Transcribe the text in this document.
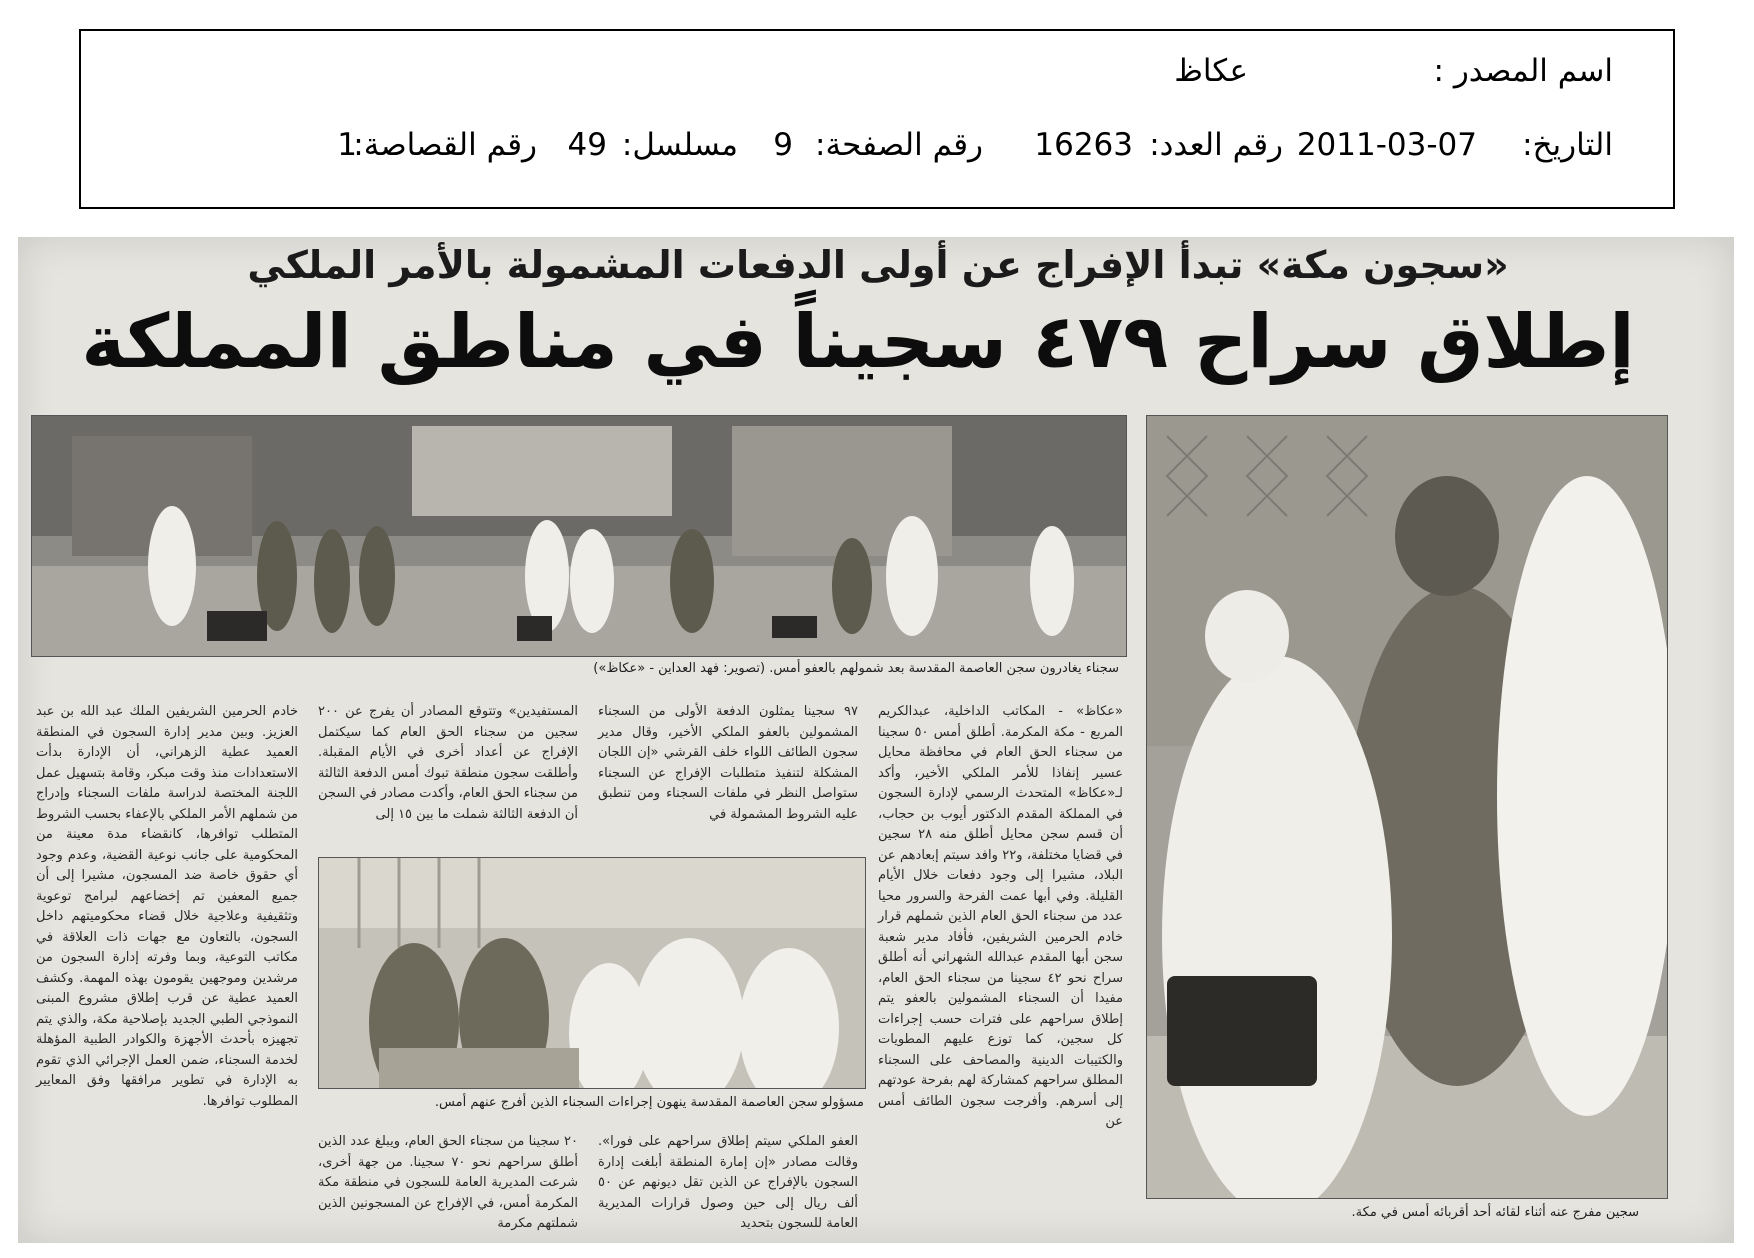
اسم المصدر :
عكاظ
التاريخ:
2011-03-07
رقم العدد:
16263
رقم الصفحة:
9
مسلسل:
49
رقم القصاصة:
1
«سجون مكة» تبدأ الإفراج عن أولى الدفعات المشمولة بالأمر الملكي
إطلاق سراح ٤٧٩ سجيناً في مناطق المملكة
سجناء يغادرون سجن العاصمة المقدسة بعد شمولهم بالعفو أمس. (تصوير: فهد العداين - «عكاظ»)
سجين مفرج عنه أثناء لقائه أحد أقربائه أمس في مكة.
مسؤولو سجن العاصمة المقدسة ينهون إجراءات السجناء الذين أفرج عنهم أمس.

«عكاظ» - المكاتب الداخلية، عبدالكريم المربع - مكة المكرمة. أطلق أمس ٥٠ سجينا من سجناء الحق العام في محافظة محايل عسير إنفاذا للأمر الملكي الأخير، وأكد لـ«عكاظ» المتحدث الرسمي لإدارة السجون في المملكة المقدم الدكتور أيوب بن حجاب، أن قسم سجن محايل أطلق منه ٢٨ سجين في قضايا مختلفة، و٢٢ وافد سيتم إبعادهم عن البلاد، مشيرا إلى وجود دفعات خلال الأيام القليلة. وفي أبها عمت الفرحة والسرور محيا عدد من سجناء الحق العام الذين شملهم قرار خادم الحرمين الشريفين، فأفاد مدير شعبة سجن أبها المقدم عبدالله الشهراني أنه أطلق سراح نحو ٤٢ سجينا من سجناء الحق العام، مفيدا أن السجناء المشمولين بالعفو يتم إطلاق سراحهم على فترات حسب إجراءات كل سجين، كما توزع عليهم المطويات والكتيبات الدينية والمصاحف على السجناء المطلق سراحهم كمشاركة لهم بفرحة عودتهم إلى أسرهم. وأفرجت سجون الطائف أمس عن

٩٧ سجينا يمثلون الدفعة الأولى من السجناء المشمولين بالعفو الملكي الأخير، وقال مدير سجون الطائف اللواء خلف القرشي «إن اللجان المشكلة لتنفيذ متطلبات الإفراج عن السجناء ستواصل النظر في ملفات السجناء ومن تنطبق عليه الشروط المشمولة في

المستفيدين» وتتوقع المصادر أن يفرج عن ٢٠٠ سجين من سجناء الحق العام كما سيكتمل الإفراج عن أعداد أخرى في الأيام المقبلة. وأطلقت سجون منطقة تبوك أمس الدفعة الثالثة من سجناء الحق العام، وأكدت مصادر في السجن أن الدفعة الثالثة شملت ما بين ١٥ إلى

العفو الملكي سيتم إطلاق سراحهم على فورا». وقالت مصادر «إن إمارة المنطقة أبلغت إدارة السجون بالإفراج عن الذين تقل ديونهم عن ٥٠ ألف ريال إلى حين وصول قرارات المديرية العامة للسجون بتحديد

٢٠ سجينا من سجناء الحق العام، ويبلغ عدد الذين أطلق سراحهم نحو ٧٠ سجينا. من جهة أخرى، شرعت المديرية العامة للسجون في منطقة مكة المكرمة أمس، في الإفراج عن المسجونين الذين شملتهم مكرمة

خادم الحرمين الشريفين الملك عبد الله بن عبد العزيز. وبين مدير إدارة السجون في المنطقة العميد عطية الزهراني، أن الإدارة بدأت الاستعدادات منذ وقت مبكر، وقامة بتسهيل عمل اللجنة المختصة لدراسة ملفات السجناء وإدراج من شملهم الأمر الملكي بالإعفاء بحسب الشروط المتطلب توافرها، كانقضاء مدة معينة من المحكومية على جانب نوعية القضية، وعدم وجود أي حقوق خاصة ضد المسجون، مشيرا إلى أن جميع المعفين تم إخضاعهم لبرامج توعوية وتثقيفية وعلاجية خلال قضاء محكوميتهم داخل السجون، بالتعاون مع جهات ذات العلاقة في مكاتب التوعية، وبما وفرته إدارة السجون من مرشدين وموجهين يقومون بهذه المهمة. وكشف العميد عطية عن قرب إطلاق مشروع المبنى النموذجي الطبي الجديد بإصلاحية مكة، والذي يتم تجهيزه بأحدث الأجهزة والكوادر الطبية المؤهلة لخدمة السجناء، ضمن العمل الإجرائي الذي تقوم به الإدارة في تطوير مرافقها وفق المعايير المطلوب توافرها.
